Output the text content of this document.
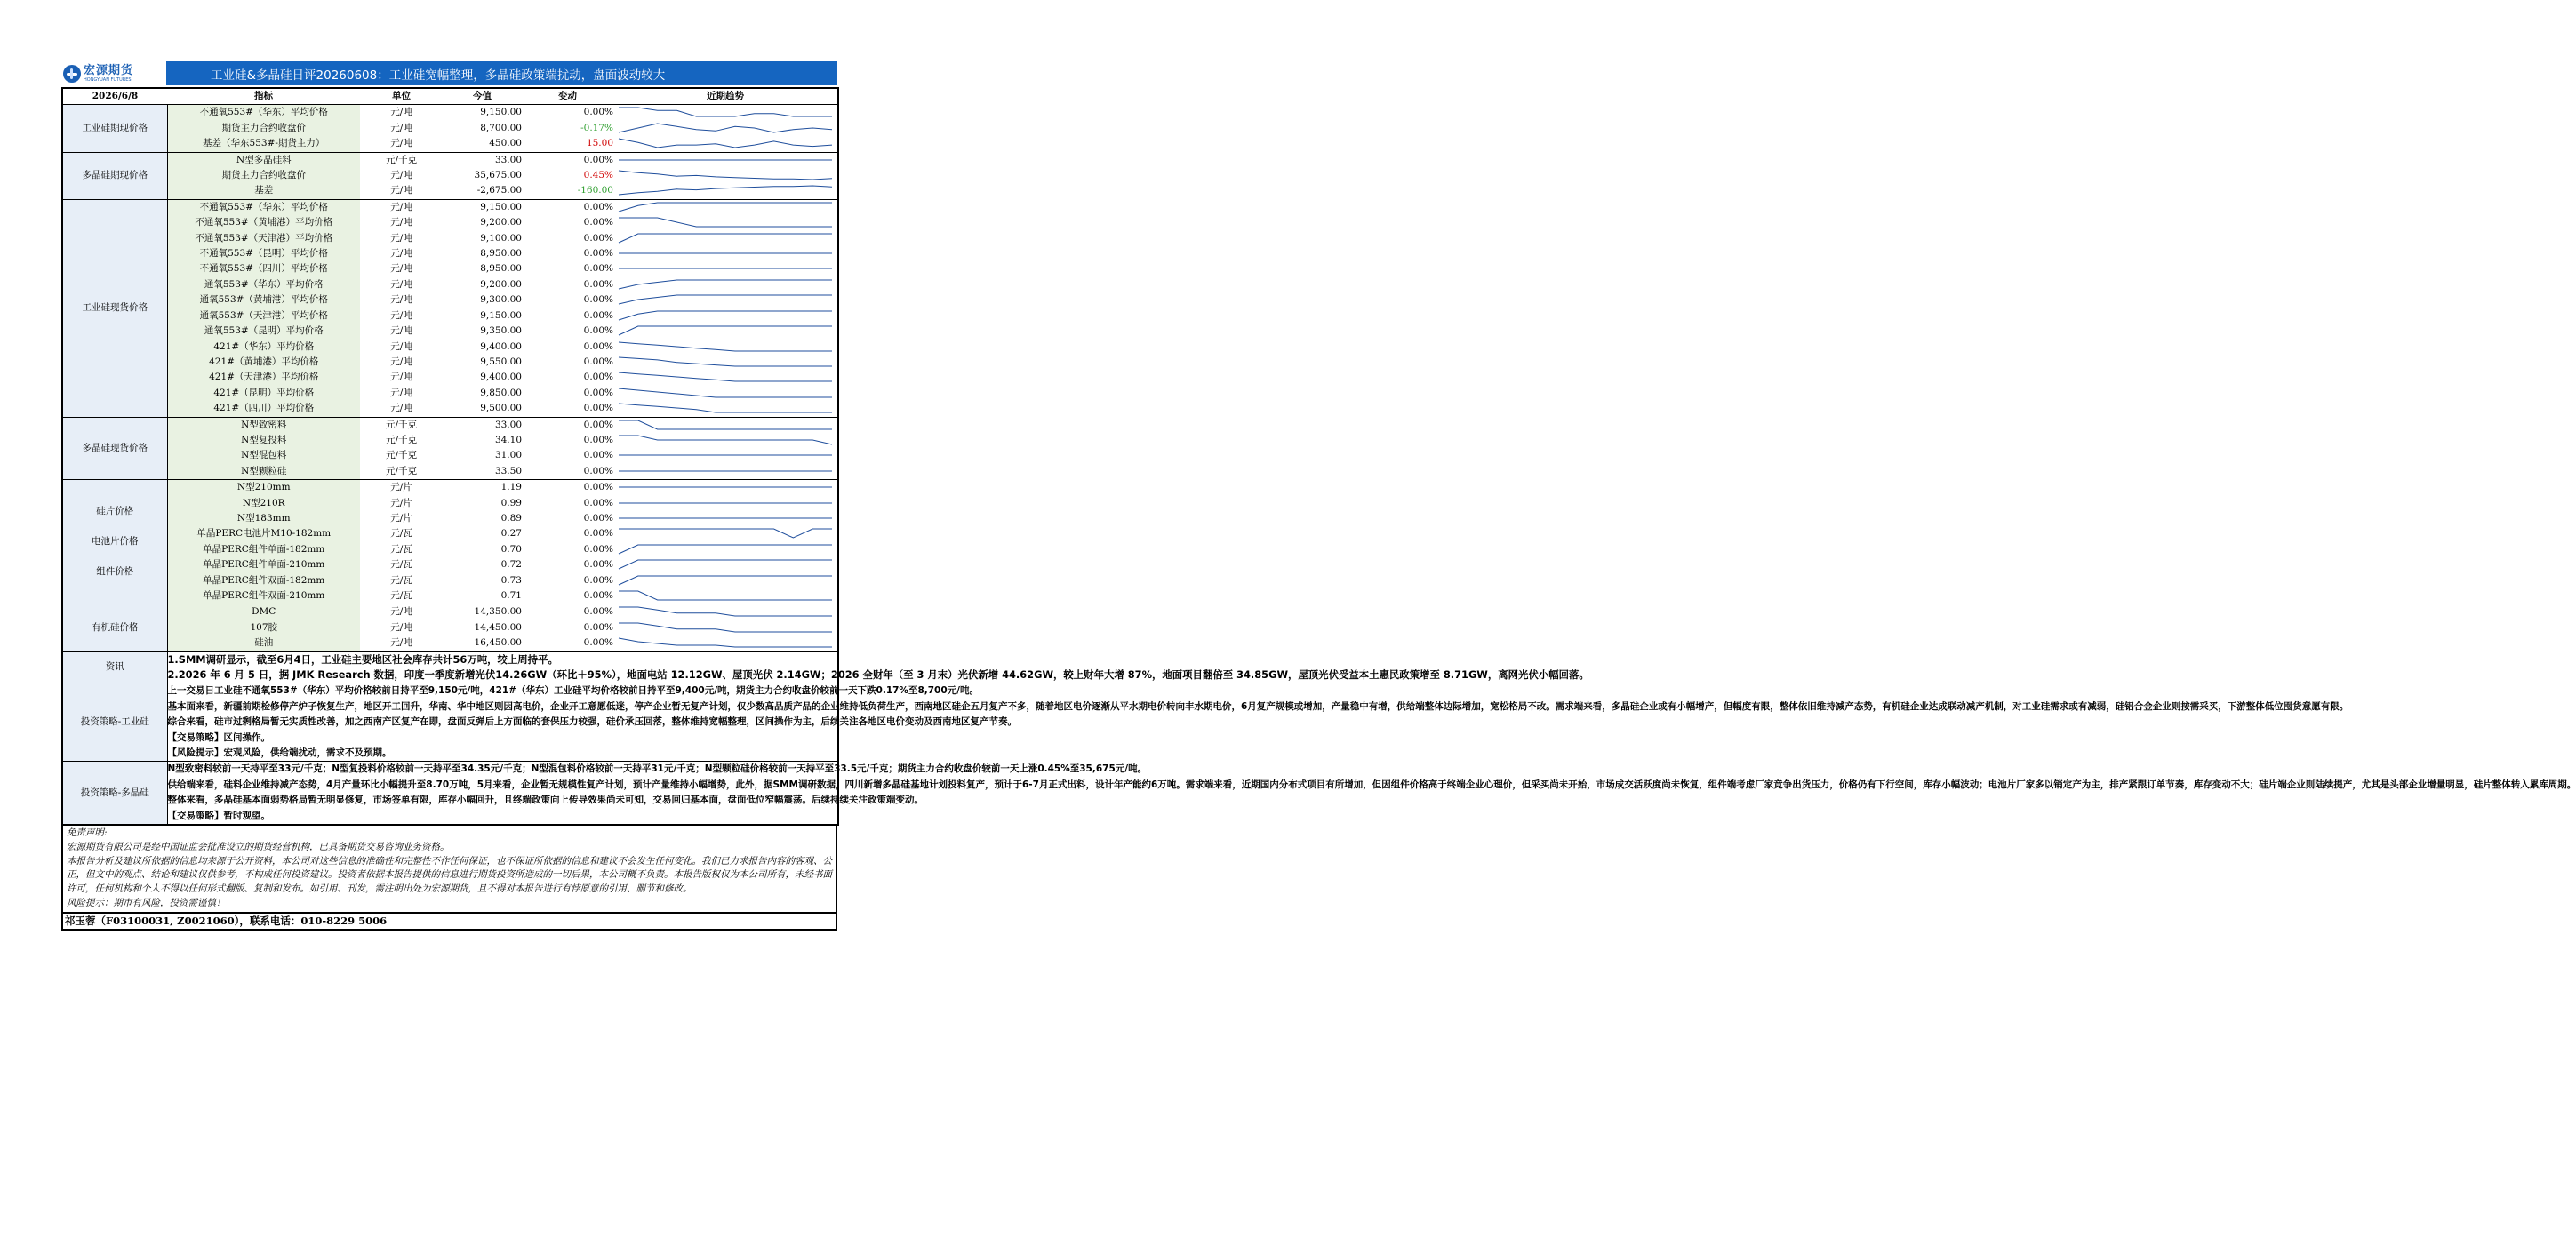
宏源期货
HONGYUAN FUTURES	工业硅&多晶硅日评20260608：工业硅宽幅整理，多晶硅政策端扰动，盘面波动较大
2026/6/8	指标	单位	今值	变动	近期趋势
工业硅期现价格	不通氧553#（华东）平均价格	元/吨	9,150.00	0.00%	

	期货主力合约收盘价	元/吨	8,700.00	-0.17%	

	基差（华东553#-期货主力）	元/吨	450.00	15.00	

多晶硅期现价格	N型多晶硅料	元/千克	33.00	0.00%	

	期货主力合约收盘价	元/吨	35,675.00	0.45%	

	基差	元/吨	-2,675.00	-160.00	

工业硅现货价格	不通氧553#（华东）平均价格	元/吨	9,150.00	0.00%	

	不通氧553#（黄埔港）平均价格	元/吨	9,200.00	0.00%	

	不通氧553#（天津港）平均价格	元/吨	9,100.00	0.00%	

	不通氧553#（昆明）平均价格	元/吨	8,950.00	0.00%	

	不通氧553#（四川）平均价格	元/吨	8,950.00	0.00%	

	通氧553#（华东）平均价格	元/吨	9,200.00	0.00%	

	通氧553#（黄埔港）平均价格	元/吨	9,300.00	0.00%	

	通氧553#（天津港）平均价格	元/吨	9,150.00	0.00%	

	通氧553#（昆明）平均价格	元/吨	9,350.00	0.00%	

	421#（华东）平均价格	元/吨	9,400.00	0.00%	

	421#（黄埔港）平均价格	元/吨	9,550.00	0.00%	

	421#（天津港）平均价格	元/吨	9,400.00	0.00%	

	421#（昆明）平均价格	元/吨	9,850.00	0.00%	

	421#（四川）平均价格	元/吨	9,500.00	0.00%	

多晶硅现货价格	N型致密料	元/千克	33.00	0.00%	

	N型复投料	元/千克	34.10	0.00%	

	N型混包料	元/千克	31.00	0.00%	

	N型颗粒硅	元/千克	33.50	0.00%	

硅片价格
电池片价格
组件价格	N型210mm	元/片	1.19	0.00%	

	N型210R	元/片	0.99	0.00%	

	N型183mm	元/片	0.89	0.00%	

	单晶PERC电池片M10-182mm	元/瓦	0.27	0.00%	

	单晶PERC组件单面-182mm	元/瓦	0.70	0.00%	

	单晶PERC组件单面-210mm	元/瓦	0.72	0.00%	

	单晶PERC组件双面-182mm	元/瓦	0.73	0.00%	

	单晶PERC组件双面-210mm	元/瓦	0.71	0.00%	

有机硅价格	DMC	元/吨	14,350.00	0.00%	

	107胶	元/吨	14,450.00	0.00%	

	硅油	元/吨	16,450.00	0.00%	

资讯	1.SMM调研显示，截至6月4日，工业硅主要地区社会库存共计56万吨，较上周持平。

2.2026 年 6 月 5 日，据 JMK Research 数据，印度一季度新增光伏14.26GW（环比＋95%），地面电站 12.12GW、屋顶光伏 2.14GW；2026 全财年（至 3 月末）光伏新增 44.62GW，较上财年大增 87%，地面项目翻倍至 34.85GW，屋顶光伏受益本土惠民政策增至 8.71GW，离网光伏小幅回落。				

投资策略-工业硅	上一交易日工业硅不通氧553#（华东）平均价格较前日持平至9,150元/吨，421#（华东）工业硅平均价格较前日持平至9,400元/吨，期货主力合约收盘价较前一天下跌0.17%至8,700元/吨。

基本面来看，新疆前期检修停产炉子恢复生产，地区开工回升，华南、华中地区则因高电价，企业开工意愿低迷，停产企业暂无复产计划，仅少数高品质产品的企业维持低负荷生产，西南地区硅企五月复产不多，随着地区电价逐渐从平水期电价转向丰水期电价，6月复产规模或增加，产量稳中有增，供给端整体边际增加，宽松格局不改。需求端来看，多晶硅企业或有小幅增产，但幅度有限，整体依旧维持减产态势，有机硅企业达成联动减产机制，对工业硅需求或有减弱，硅铝合金企业则按需采买，下游整体低位囤货意愿有限。

综合来看，硅市过剩格局暂无实质性改善，加之西南产区复产在即，盘面反弹后上方面临的套保压力较强，硅价承压回落，整体维持宽幅整理，区间操作为主，后续关注各地区电价变动及西南地区复产节奏。

【交易策略】区间操作。

【风险提示】宏观风险，供给端扰动，需求不及预期。				

投资策略-多晶硅	N型致密料较前一天持平至33元/千克；N型复投料价格较前一天持平至34.35元/千克；N型混包料价格较前一天持平31元/千克；N型颗粒硅价格较前一天持平至33.5元/千克；期货主力合约收盘价较前一天上涨0.45%至35,675元/吨。

供给端来看，硅料企业维持减产态势，4月产量环比小幅提升至8.70万吨，5月来看，企业暂无规模性复产计划，预计产量维持小幅增势，此外，据SMM调研数据，四川新增多晶硅基地计划投料复产，预计于6-7月正式出料，设计年产能约6万吨。需求端来看，近期国内分布式项目有所增加，但因组件价格高于终端企业心理价，但采买尚未开始，市场成交活跃度尚未恢复，组件端考虑厂家竞争出货压力，价格仍有下行空间，库存小幅波动；电池片厂家多以销定产为主，排产紧跟订单节奏，库存变动不大；硅片端企业则陆续提产，尤其是头部企业增量明显，硅片整体转入累库周期。

整体来看，多晶硅基本面弱势格局暂无明显修复，市场签单有限，库存小幅回升，且终端政策向上传导效果尚未可知，交易回归基本面，盘面低位窄幅震荡。后续持续关注政策端变动。

【交易策略】暂时观望。				

免责声明:

宏源期货有限公司是经中国证监会批准设立的期货经营机构，已具备期货交易咨询业务资格。

本报告分析及建议所依据的信息均来源于公开资料，本公司对这些信息的准确性和完整性不作任何保证，也不保证所依据的信息和建议不会发生任何变化。我们已力求报告内容的客观、公正，但文中的观点、结论和建议仅供参考，不构成任何投资建议。投资者依据本报告提供的信息进行期货投资所造成的一切后果，本公司概不负责。本报告版权仅为本公司所有，未经书面许可，任何机构和个人不得以任何形式翻版、复制和发布。如引用、刊发，需注明出处为宏源期货，且不得对本报告进行有悖原意的引用、删节和修改。

风险提示：期市有风险，投资需谨慎！

祁玉蓉（F03100031, Z0021060），联系电话：010-8229 5006
